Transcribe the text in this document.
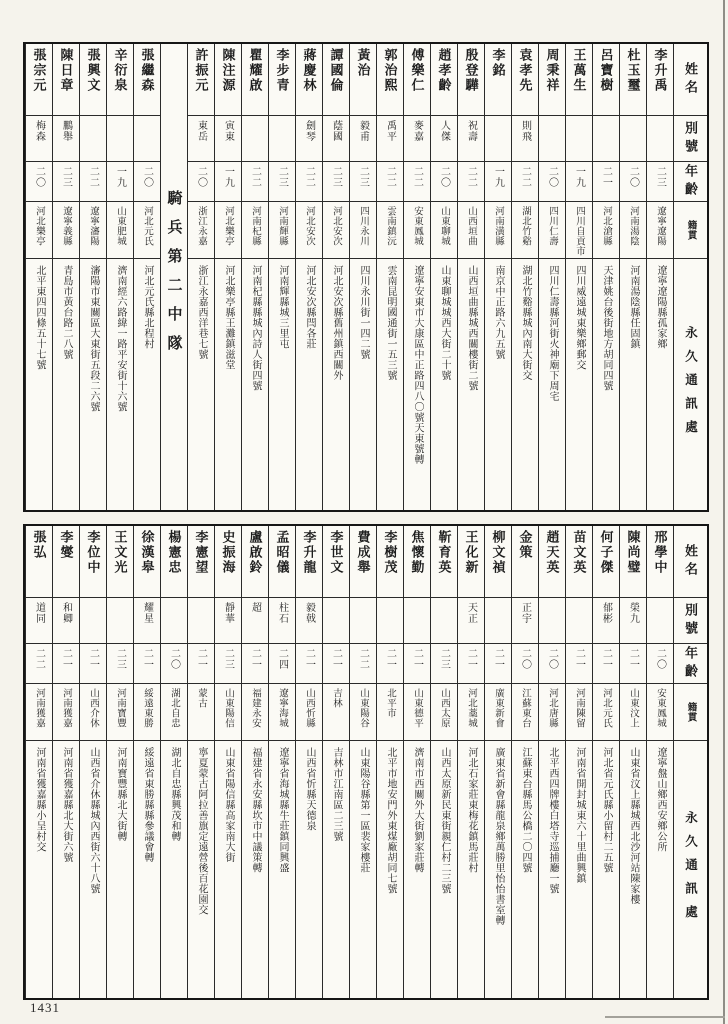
姓名
別號
年齡
籍貫
永久通訊處
李升禹
二三
遼寧遼陽
遼寧遼陽縣孤家鄉
杜玉璽
二〇
河南湯陰
河南湯陰縣任固鎮
呂寶樹
二一
河北滄縣
天津姚台後街地方胡同四號
王萬生
一九
四川自貢市
四川威遠城東樂鄉郵交
周秉祥
二〇
四川仁壽
四川仁壽縣河街火神廟下周宅
袁孝先
則飛
二二
湖北竹谿
湖北竹谿縣城內南大街交
李銘
一九
河南潢縣
南京中正路六九五號
殷登驊
祝壽
二二
山西垣曲
山西垣曲縣城西關樓街二號
趙孝齡
人傑
二〇
山東聊城
山東聊城城西大街二十號
傅樂仁
麥嘉
二二
安東鳳城
遼寧安東市大康區中正路四八〇號天東號轉
郭治熙
禹平
二二
雲南鎮沅
雲南昆明國通街一五三號
黃治
毅甫
二三
四川永川
四川永川街一四二號
譚國倫
蔭國
二三
河北安次
河北安次縣舊州鎮西關外
蔣慶林
劍琴
二二
河北安次
河北安次縣閆各莊
李步青
二三
河南輝縣
河南輝縣城三里屯
瞿耀啟
二二
河南杞縣
河南杞縣縣城內詩人街四號
陳注源
寅東
一九
河北樂亭
河北樂亭縣王灘鎮滋堂
許振元
東岳
二〇
浙江永嘉
浙江永嘉西洋巷七號
騎兵第二中隊
張繼森
二〇
河北元氏
河北元氏縣北程村
辛衍泉
一九
山東肥城
濟南經六路緯一路平安街十六號
張興文
二二
遼寧瀋陽
瀋陽市東關區大東街五段二六號
陳日章
鵬舉
二三
遼寧義縣
青島市黃台路二八號
張宗元
梅森
二〇
河北樂亭
北平東四四條五十七號
姓名
別號
年齡
籍貫
永久通訊處
邢學中
二〇
安東鳳城
遼寧盤山鄉西安鄉公所
陳尚璧
榮九
二一
山東汶上
山東省汶上縣城西北沙河站陳家樓
何子傑
郁彬
二一
河北元氏
河北省元氏縣小留村二五號
苗文英
二一
河南陳留
河南省開封城東六十里曲興鎮
趙天英
二〇
河北唐縣
北平西四牌樓白塔寺巡捕廳一號
金策
正宇
二〇
江蘇東台
江蘇東台縣馬公橋二〇四號
柳文禎
二一
廣東新會
廣東省新會縣龍泉鄉萬勝里怡怡書室轉
王化新
天正
二一
河北藁城
河北石家莊東梅花鎮馬莊村
靳育英
二三
山西太原
山西太原新民東街親仁村二三號
焦懷勤
二一
山東德平
濟南市西關外大街劉家莊轉
李樹茂
二一
北平市
北平市地安門外東煤廠胡同七號
費成舉
二二
山東陽谷
山東陽谷縣第一區裴家樓莊
李世文
二一
吉林
吉林市江南區二三號
李升龍
毅戟
二一
山西忻縣
山西省忻縣天德泉
孟昭儀
柱石
二四
遼寧海城
遼寧省海城縣牛莊鎮同興盛
盧啟鈴
超
二一
福建永安
福建省永安縣坎市中議策轉
史振海
靜華
二三
山東陽信
山東省陽信縣高家南大街
李憲望
二一
蒙古
寧夏蒙古阿拉善旗定遠營後百花園交
楊憲忠
二〇
湖北自忠
湖北自忠縣興茂和轉
徐漢皋
耀星
二一
綏遠東勝
綏遠省東勝縣縣參議會轉
王文光
二三
河南寶豐
河南寶豐縣北大街轉
李位中
二一
山西介休
山西省介休縣城內西街六十八號
李燮
和卿
二一
河南獲嘉
河南省獲嘉縣北大街六號
張弘
道同
二二
河南獲嘉
河南省獲嘉縣小呈村交
1431
